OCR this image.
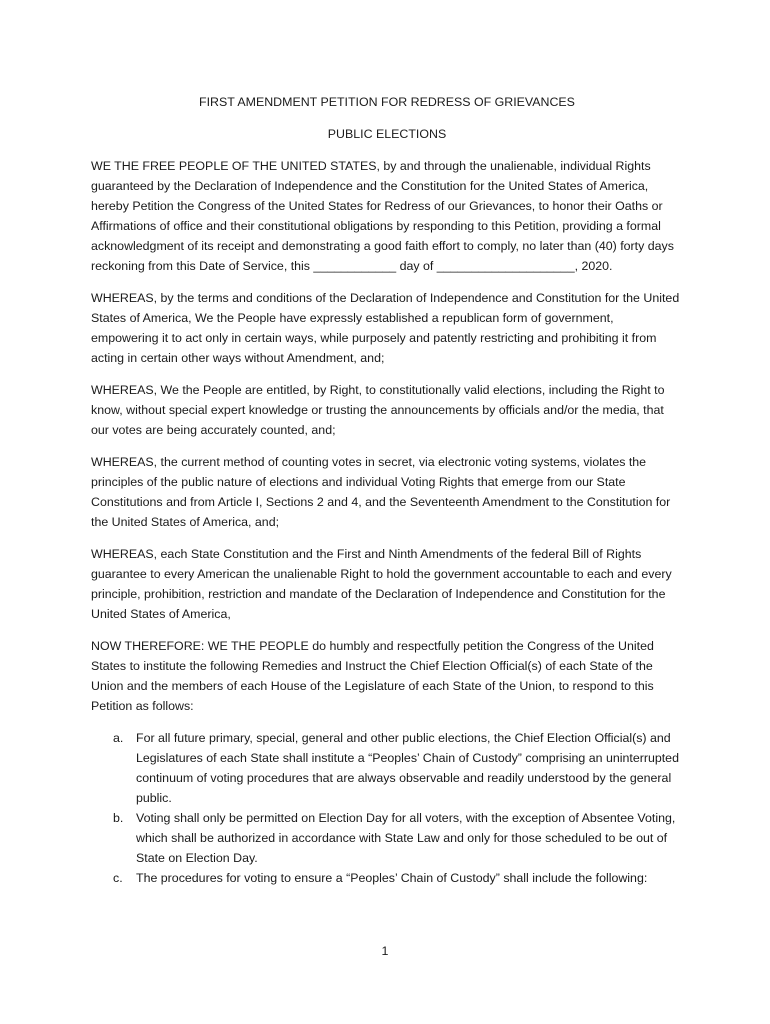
FIRST AMENDMENT PETITION FOR REDRESS OF GRIEVANCES

PUBLIC ELECTIONS

WE THE FREE PEOPLE OF THE UNITED STATES, by and through the unalienable, individual Rights guaranteed by the Declaration of Independence and the Constitution for the United States of America, hereby Petition the Congress of the United States for Redress of our Grievances, to honor their Oaths or Affirmations of office and their constitutional obligations by responding to this Petition, providing a formal acknowledgment of its receipt and demonstrating a good faith effort to comply, no later than (40) forty days reckoning from this Date of Service, this ____________ day of ____________________, 2020.

WHEREAS, by the terms and conditions of the Declaration of Independence and Constitution for the United States of America, We the People have expressly established a republican form of government, empowering it to act only in certain ways, while purposely and patently restricting and prohibiting it from acting in certain other ways without Amendment, and;

WHEREAS, We the People are entitled, by Right, to constitutionally valid elections, including the Right to know, without special expert knowledge or trusting the announcements by officials and/or the media, that our votes are being accurately counted, and;

WHEREAS, the current method of counting votes in secret, via electronic voting systems, violates the principles of the public nature of elections and individual Voting Rights that emerge from our State Constitutions and from Article I, Sections 2 and 4, and the Seventeenth Amendment to the Constitution for the United States of America, and;

WHEREAS, each State Constitution and the First and Ninth Amendments of the federal Bill of Rights guarantee to every American the unalienable Right to hold the government accountable to each and every principle, prohibition, restriction and mandate of the Declaration of Independence and Constitution for the United States of America,

NOW THEREFORE: WE THE PEOPLE do humbly and respectfully petition the Congress of the United States to institute the following Remedies and Instruct the Chief Election Official(s) of each State of the Union and the members of each House of the Legislature of each State of the Union, to respond to this Petition as follows:

a. For all future primary, special, general and other public elections, the Chief Election Official(s) and Legislatures of each State shall institute a “Peoples’ Chain of Custody” comprising an uninterrupted continuum of voting procedures that are always observable and readily understood by the general public.
b. Voting shall only be permitted on Election Day for all voters, with the exception of Absentee Voting, which shall be authorized in accordance with State Law and only for those scheduled to be out of State on Election Day.
c. The procedures for voting to ensure a “Peoples’ Chain of Custody” shall include the following:
1
